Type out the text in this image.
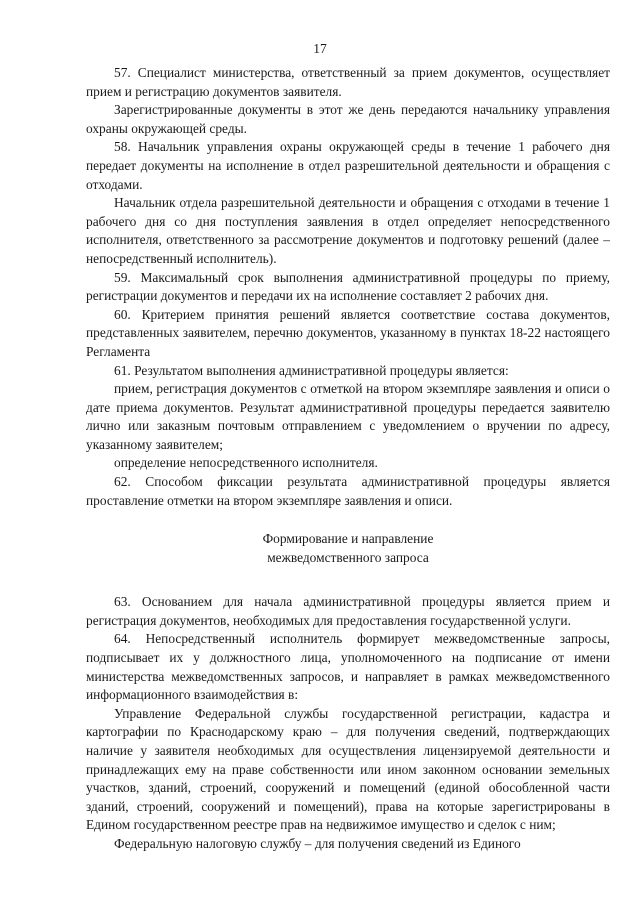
17

57. Специалист министерства, ответственный за прием документов, осуществляет прием и регистрацию документов заявителя.

Зарегистрированные документы в этот же день передаются начальнику управления охраны окружающей среды.

58. Начальник управления охраны окружающей среды в течение 1 рабочего дня передает документы на исполнение в отдел разрешительной деятельности и обращения с отходами.

Начальник отдела разрешительной деятельности и обращения с отходами в течение 1 рабочего дня со дня поступления заявления в отдел определяет непосредственного исполнителя, ответственного за рассмотрение документов и подготовку решений (далее – непосредственный исполнитель).

59. Максимальный срок выполнения административной процедуры по приему, регистрации документов и передачи их на исполнение составляет 2 рабочих дня.

60. Критерием принятия решений является соответствие состава документов, представленных заявителем, перечню документов, указанному в пунктах 18-22 настоящего Регламента

61. Результатом выполнения административной процедуры является:

прием, регистрация документов с отметкой на втором экземпляре заявления и описи о дате приема документов. Результат административной процедуры передается заявителю лично или заказным почтовым отправлением с уведомлением о вручении по адресу, указанному заявителем;

определение непосредственного исполнителя.

62. Способом фиксации результата административной процедуры является проставление отметки на втором экземпляре заявления и описи.

Формирование и направление
межведомственного запроса

63. Основанием для начала административной процедуры является прием и регистрация документов, необходимых для предоставления государственной услуги.

64. Непосредственный исполнитель формирует межведомственные запросы, подписывает их у должностного лица, уполномоченного на подписание от имени министерства межведомственных запросов, и направляет в рамках межведомственного информационного взаимодействия в:

Управление Федеральной службы государственной регистрации, кадастра и картографии по Краснодарскому краю – для получения сведений, подтверждающих наличие у заявителя необходимых для осуществления лицензируемой деятельности и принадлежащих ему на праве собственности или ином законном основании земельных участков, зданий, строений, сооружений и помещений (единой обособленной части зданий, строений, сооружений и помещений), права на которые зарегистрированы в Едином государственном реестре прав на недвижимое имущество и сделок с ним;

Федеральную налоговую службу – для получения сведений из Единого
